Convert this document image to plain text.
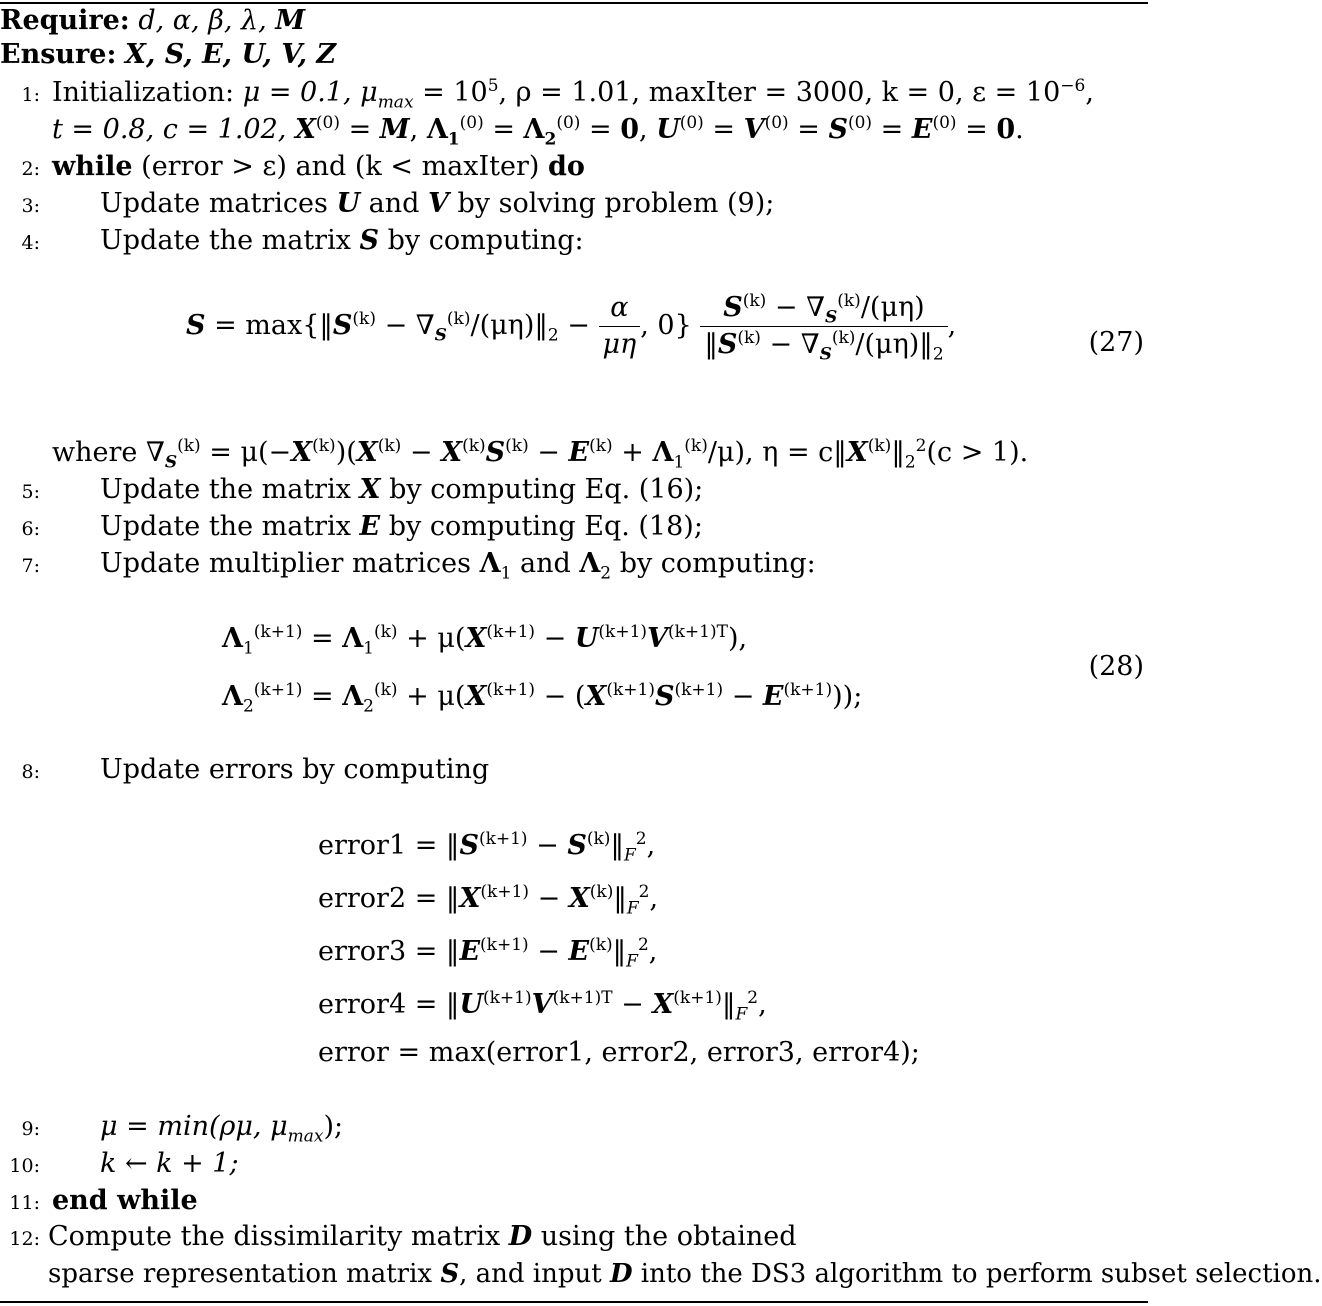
Require: d, α, β, λ, M
Ensure: X, S, E, U, V, Z
1: Initialization: μ = 0.1, $\mu_{max} = 10^5$, ρ = 1.01, maxIter = 3000, k = 0, $\varepsilon = 10^{-6}$,
t = 0.8, c = 1.02, $X^{(0)} = M$, $\Lambda_1^{(0)} = \Lambda_2^{(0)} = 0$, $U^{(0)} = V^{(0)} = S^{(0)} = E^{(0)} = 0$.
2: while (error > ε) and (k < maxIter) do
3: Update matrices U and V by solving problem (9);
4: Update the matrix S by computing:
$S = \max\{‖S^{(k)}$ − $\nabla_S^{(k)}/(\mu\eta)‖_2 - \frac{\alpha}{\mu\eta}$ , $0\} \frac{S^{(k)} - \nabla_S^{(k)}/(\mu\eta)}{‖S^{(k)} - \nabla_S^{(k)}/(\mu\eta)‖_2}$ ,
(27)
where $\nabla_S^{(k)} = \mu(-X^{(k)})(X^{(k)} - X^{(k)}S^{(k)} - E^{(k)} + \Lambda_1^{(k)}/\mu)$, $\eta = c‖X^{(k)}‖_2^2(c > 1)$.
5: Update the matrix X by computing Eq. (16);
6: Update the matrix E by computing Eq. (18);
7: Update multiplier matrices $\Lambda_1$ and $\Lambda_2$ by computing:
$\Lambda_1^{(k+1)} = \Lambda_1^{(k)} + \mu(X^{(k+1)} - U^{(k+1)}V^{(k+1)T})$,
$\Lambda_2^{(k+1)} = \Lambda_2^{(k)} + \mu(X^{(k+1)} - (X^{(k+1)}S^{(k+1)} - E^{(k+1)}))$;
(28)
8: Update errors by computing
error1 = $‖S^{(k+1)}$ − $S^{(k)}‖_F^2$,
error2 = $‖X^{(k+1)}$ − $X^{(k)}‖_F^2$,
error3 = $‖E^{(k+1)}$ − $E^{(k)}‖_F^2$,
error4 = $‖U^{(k+1)}V^{(k+1)T}$ − $X^{(k+1)}‖_F^2$,
error = max(error1, error2, error3, error4);
9: μ = min(ρμ, $\mu_{max}$);
10: k ← k + 1;
11: end while
12: Compute the dissimilarity matrix D using the obtained
sparse representation matrix S, and input D into the DS3 algorithm to perform subset selection.
